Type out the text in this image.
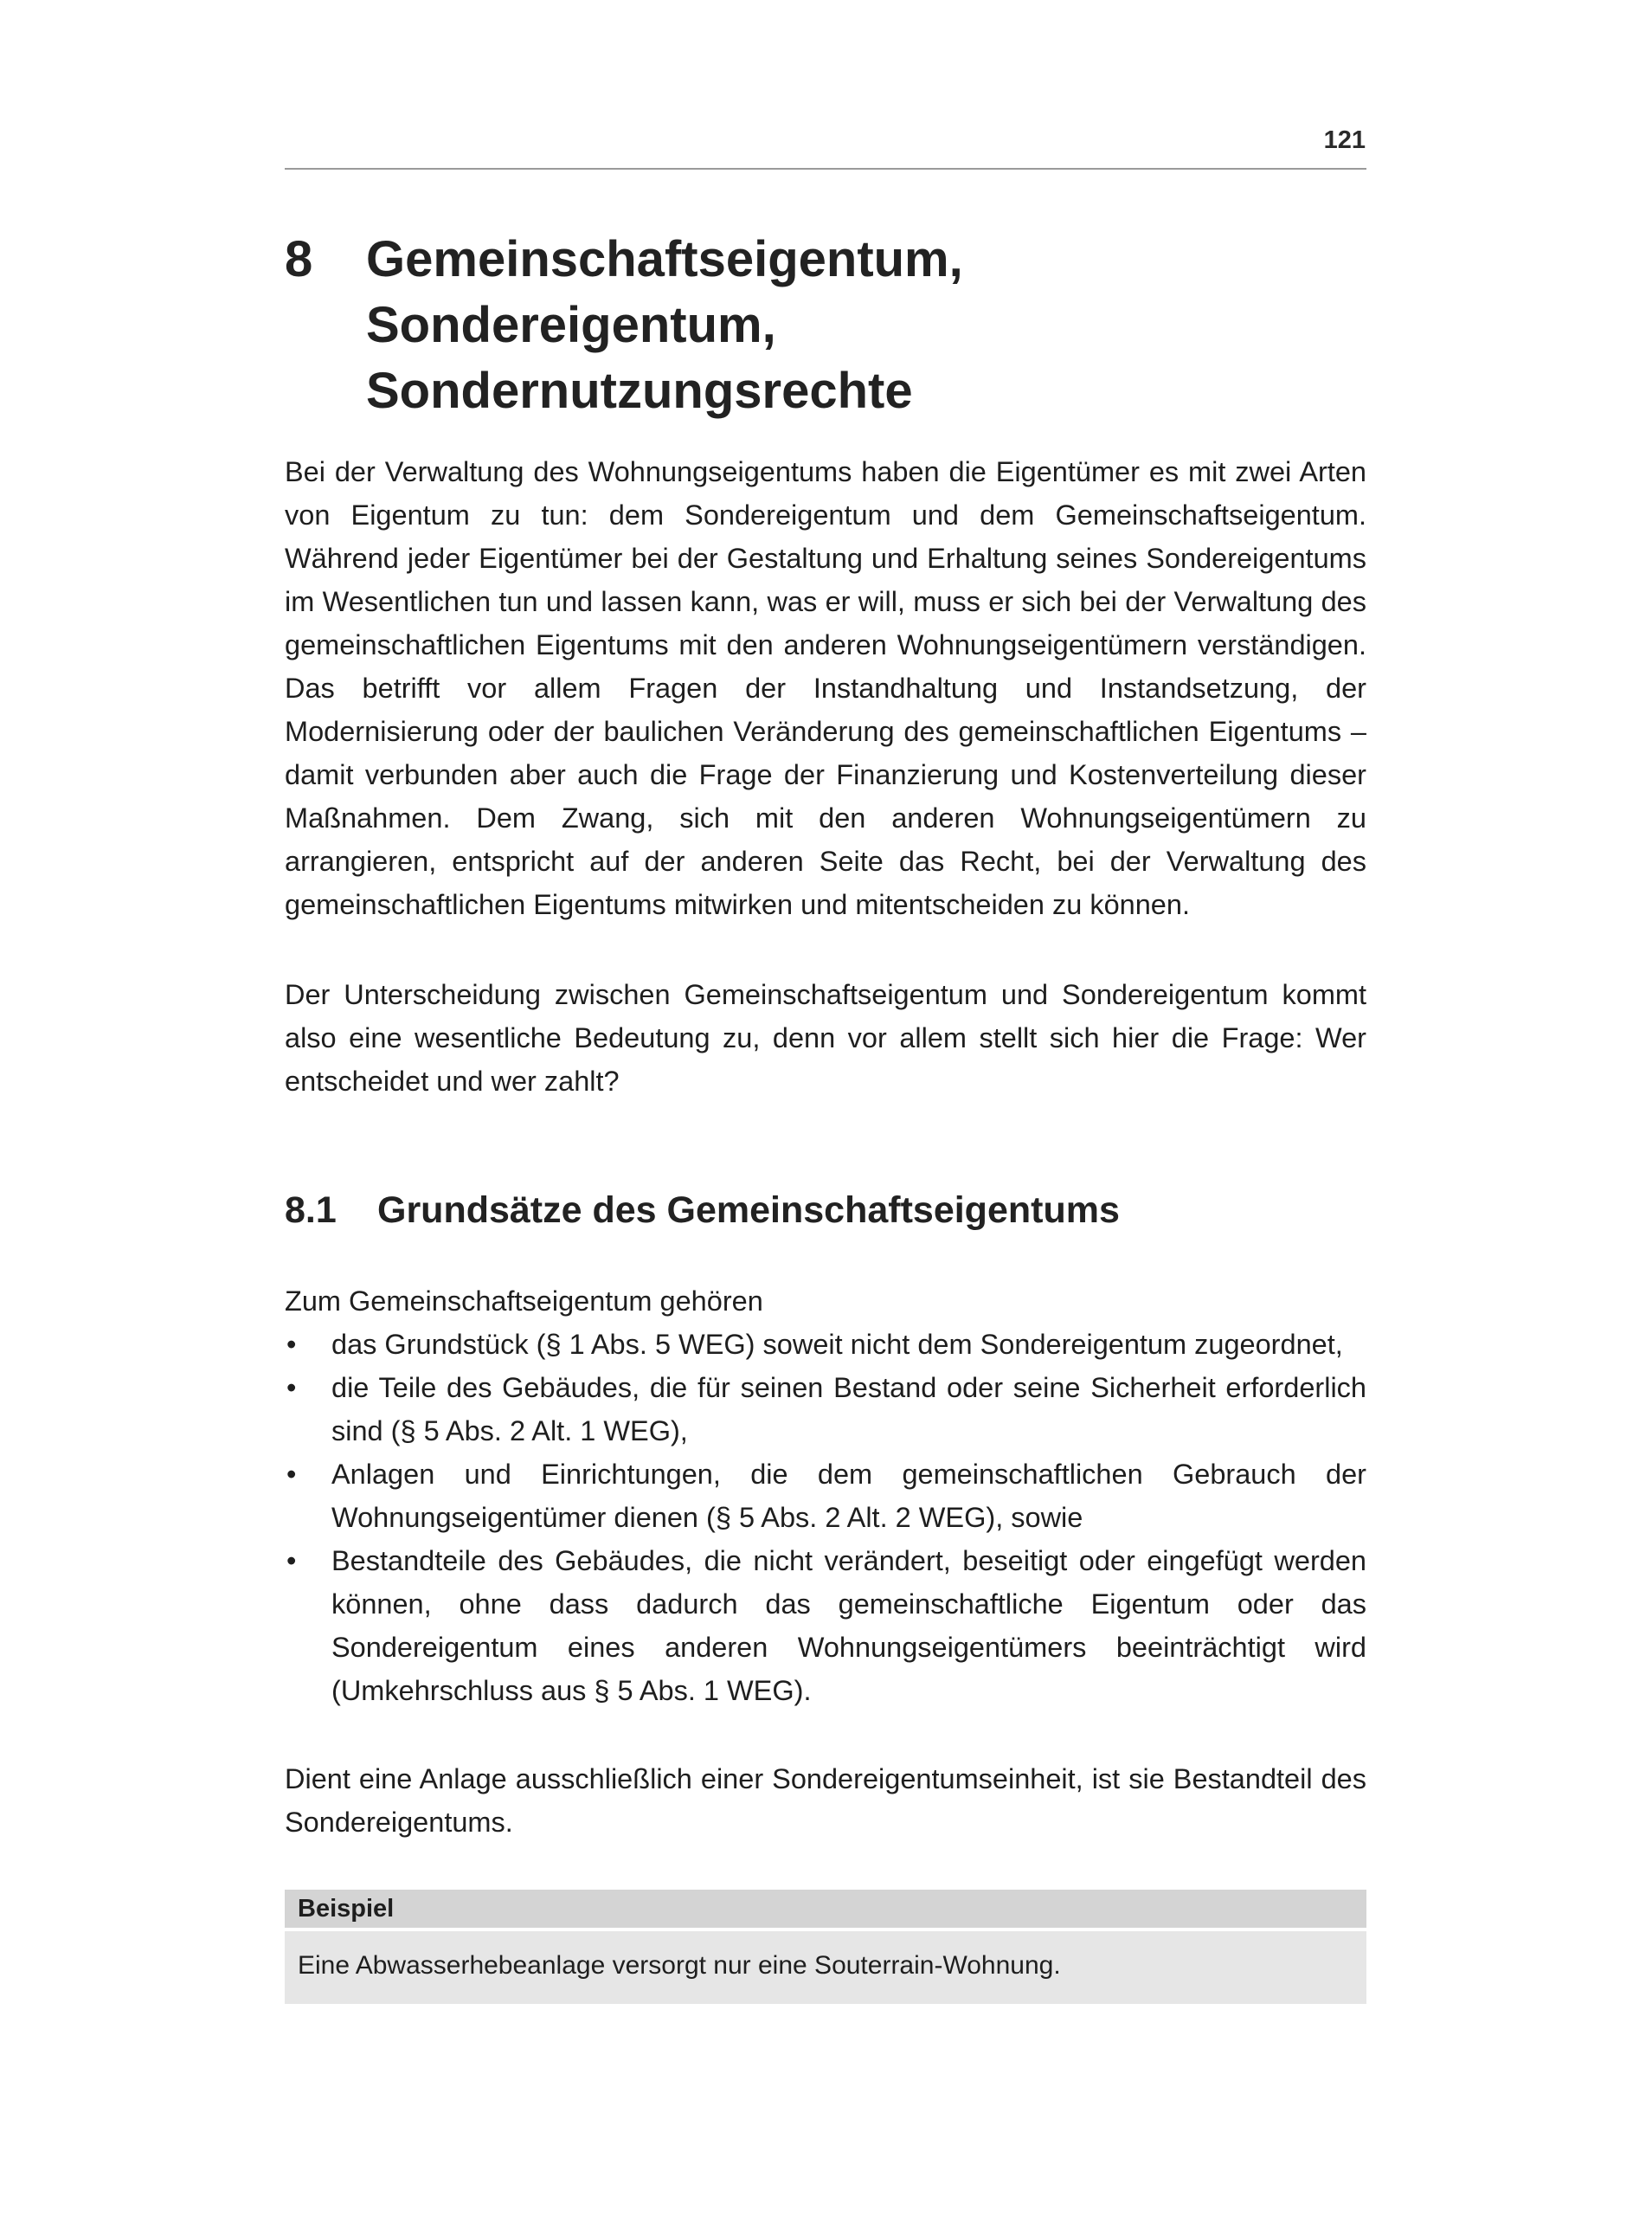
121
8 Gemeinschaftseigentum, Sondereigentum,
Sondernutzungsrechte

Bei der Verwaltung des Wohnungseigentums haben die Eigentümer es mit zwei Arten von Eigentum zu tun: dem Sondereigentum und dem Gemeinschaftseigentum. Während jeder Eigentümer bei der Gestaltung und Erhaltung seines Sondereigentums im Wesentlichen tun und lassen kann, was er will, muss er sich bei der Verwaltung des gemeinschaftlichen Eigentums mit den anderen Wohnungseigentümern verständigen. Das betrifft vor allem Fragen der Instandhaltung und Instandsetzung, der Modernisierung oder der baulichen Veränderung des gemeinschaftlichen Eigentums – damit verbunden aber auch die Frage der Finanzierung und Kostenverteilung dieser Maßnahmen. Dem Zwang, sich mit den anderen Wohnungseigentümern zu arrangieren, entspricht auf der anderen Seite das Recht, bei der Verwaltung des gemeinschaftlichen Eigentums mitwirken und mitentscheiden zu können.

Der Unterscheidung zwischen Gemeinschaftseigentum und Sondereigentum kommt also eine wesentliche Bedeutung zu, denn vor allem stellt sich hier die Frage: Wer entscheidet und wer zahlt?

8.1 Grundsätze des Gemeinschaftseigentums
Zum Gemeinschaftseigentum gehören
• das Grundstück (§ 1 Abs. 5 WEG) soweit nicht dem Sondereigentum zugeordnet,
• die Teile des Gebäudes, die für seinen Bestand oder seine Sicherheit erforderlich sind (§ 5 Abs. 2 Alt. 1 WEG),
• Anlagen und Einrichtungen, die dem gemeinschaftlichen Gebrauch der Wohnungseigentümer dienen (§ 5 Abs. 2 Alt. 2 WEG), sowie
• Bestandteile des Gebäudes, die nicht verändert, beseitigt oder eingefügt werden können, ohne dass dadurch das gemeinschaftliche Eigentum oder das Sondereigentum eines anderen Wohnungseigentümers beeinträchtigt wird (Umkehrschluss aus § 5 Abs. 1 WEG).

Dient eine Anlage ausschließlich einer Sondereigentumseinheit, ist sie Bestandteil des Sondereigentums.

Beispiel
Eine Abwasserhebeanlage versorgt nur eine Souterrain-Wohnung.
